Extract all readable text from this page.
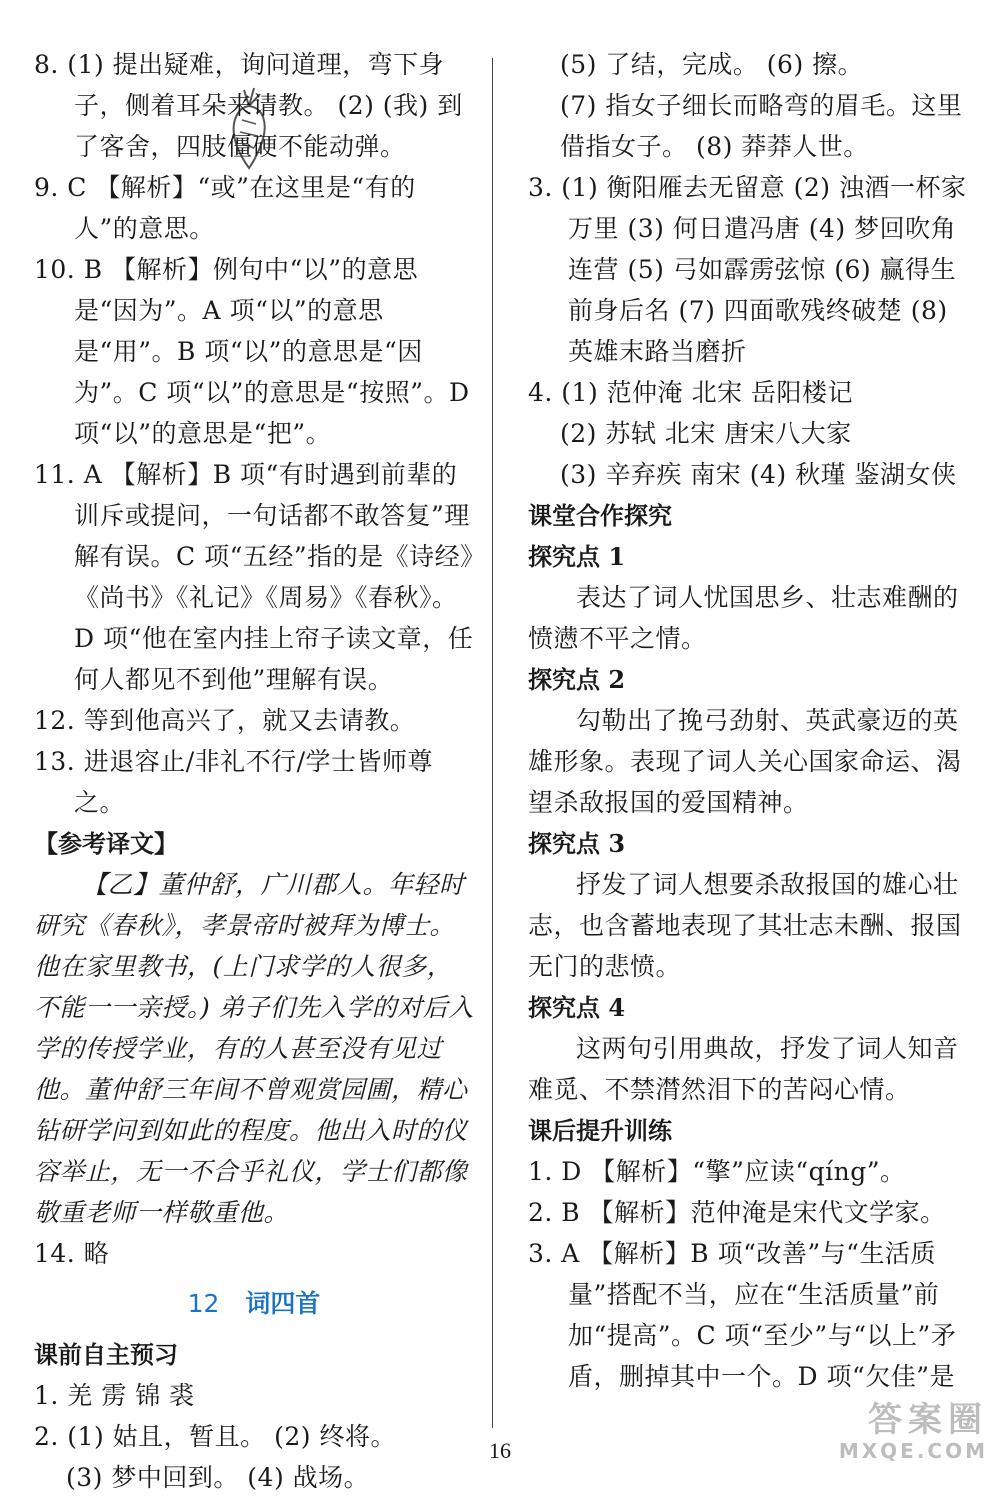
8. (1) 提出疑难，询问道理，弯下身子，侧着耳朵来请教。 (2) (我) 到了客舍，四肢僵硬不能动弹。

9. C 【解析】“或”在这里是“有的人”的意思。

10. B 【解析】例句中“以”的意思是“因为”。A 项“以”的意思是“用”。B 项“以”的意思是“因为”。C 项“以”的意思是“按照”。D 项“以”的意思是“把”。

11. A 【解析】B 项“有时遇到前辈的训斥或提问，一句话都不敢答复”理解有误。C 项“五经”指的是《诗经》《尚书》《礼记》《周易》《春秋》。D 项“他在室内挂上帘子读文章，任何人都见不到他”理解有误。

12. 等到他高兴了，就又去请教。

13. 进退容止/非礼不行/学士皆师尊之。

【参考译文】

【乙】董仲舒，广川郡人。年轻时研究《春秋》，孝景帝时被拜为博士。他在家里教书，(上门求学的人很多，不能一一亲授。) 弟子们先入学的对后入学的传授学业，有的人甚至没有见过他。董仲舒三年间不曾观赏园圃，精心钻研学问到如此的程度。他出入时的仪容举止，无一不合乎礼仪，学士们都像敬重老师一样敬重他。

14. 略

12 词四首

课前自主预习

1. 羌 雳 锦 裘

2. (1) 姑且，暂且。 (2) 终将。

(3) 梦中回到。 (4) 战场。

(5) 了结，完成。 (6) 擦。

(7) 指女子细长而略弯的眉毛。这里借指女子。 (8) 莽莽人世。

3. (1) 衡阳雁去无留意 (2) 浊酒一杯家万里 (3) 何日遣冯唐 (4) 梦回吹角连营 (5) 弓如霹雳弦惊 (6) 赢得生前身后名 (7) 四面歌残终破楚 (8) 英雄末路当磨折

4. (1) 范仲淹 北宋 岳阳楼记

(2) 苏轼 北宋 唐宋八大家

(3) 辛弃疾 南宋 (4) 秋瑾 鉴湖女侠

课堂合作探究

探究点 1

表达了词人忧国思乡、壮志难酬的愤懑不平之情。

探究点 2

勾勒出了挽弓劲射、英武豪迈的英雄形象。表现了词人关心国家命运、渴望杀敌报国的爱国精神。

探究点 3

抒发了词人想要杀敌报国的雄心壮志，也含蓄地表现了其壮志未酬、报国无门的悲愤。

探究点 4

这两句引用典故，抒发了词人知音难觅、不禁潸然泪下的苦闷心情。

课后提升训练

1. D 【解析】“擎”应读“qíng”。

2. B 【解析】范仲淹是宋代文学家。

3. A 【解析】B 项“改善”与“生活质量”搭配不当，应在“生活质量”前加“提高”。C 项“至少”与“以上”矛盾，删掉其中一个。D 项“欠佳”是

16
答案圈
MXQE.COM
